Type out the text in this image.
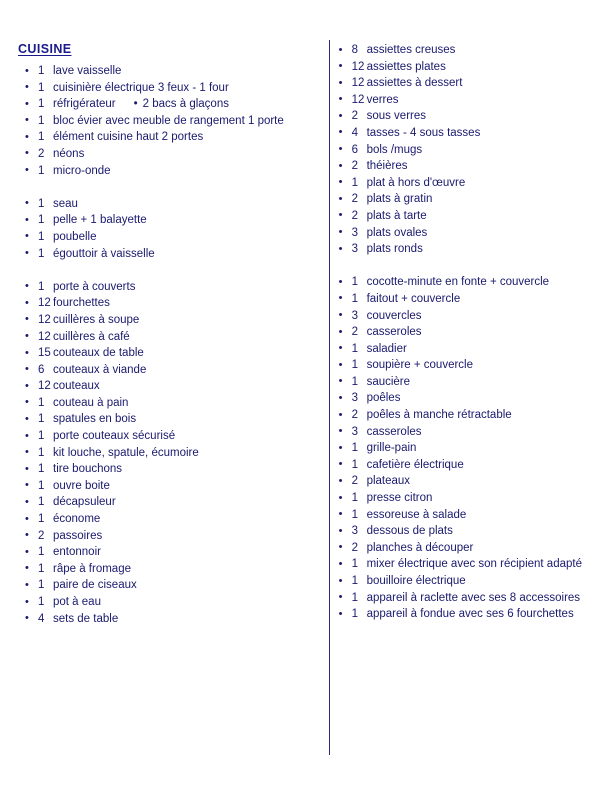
CUISINE
• 1 lave vaisselle
• 1 cuisinière électrique 3 feux - 1 four
• 1 réfrigérateur • 2 bacs à glaçons
• 1 bloc évier avec meuble de rangement 1 porte
• 1 élément cuisine haut 2 portes
• 2 néons
• 1 micro-onde
• 1 seau
• 1 pelle + 1 balayette
• 1 poubelle
• 1 égouttoir à vaisselle
• 1 porte à couverts
• 12 fourchettes
• 12 cuillères à soupe
• 12 cuillères à café
• 15 couteaux de table
• 6 couteaux à viande
• 12 couteaux
• 1 couteau à pain
• 1 spatules en bois
• 1 porte couteaux sécurisé
• 1 kit louche, spatule, écumoire
• 1 tire bouchons
• 1 ouvre boite
• 1 décapsuleur
• 1 économe
• 2 passoires
• 1 entonnoir
• 1 râpe à fromage
• 1 paire de ciseaux
• 1 pot à eau
• 4 sets de table
• 8 assiettes creuses
• 12 assiettes plates
• 12 assiettes à dessert
• 12 verres
• 2 sous verres
• 4 tasses - 4 sous tasses
• 6 bols /mugs
• 2 théières
• 1 plat à hors d'œuvre
• 2 plats à gratin
• 2 plats à tarte
• 3 plats ovales
• 3 plats ronds
• 1 cocotte-minute en fonte + couvercle
• 1 faitout + couvercle
• 3 couvercles
• 2 casseroles
• 1 saladier
• 1 soupière + couvercle
• 1 saucière
• 3 poêles
• 2 poêles à manche rétractable
• 3 casseroles
• 1 grille-pain
• 1 cafetière électrique
• 2 plateaux
• 1 presse citron
• 1 essoreuse à salade
• 3 dessous de plats
• 2 planches à découper
• 1 mixer électrique avec son récipient adapté
• 1 bouilloire électrique
• 1 appareil à raclette avec ses 8 accessoires
• 1 appareil à fondue avec ses 6 fourchettes
